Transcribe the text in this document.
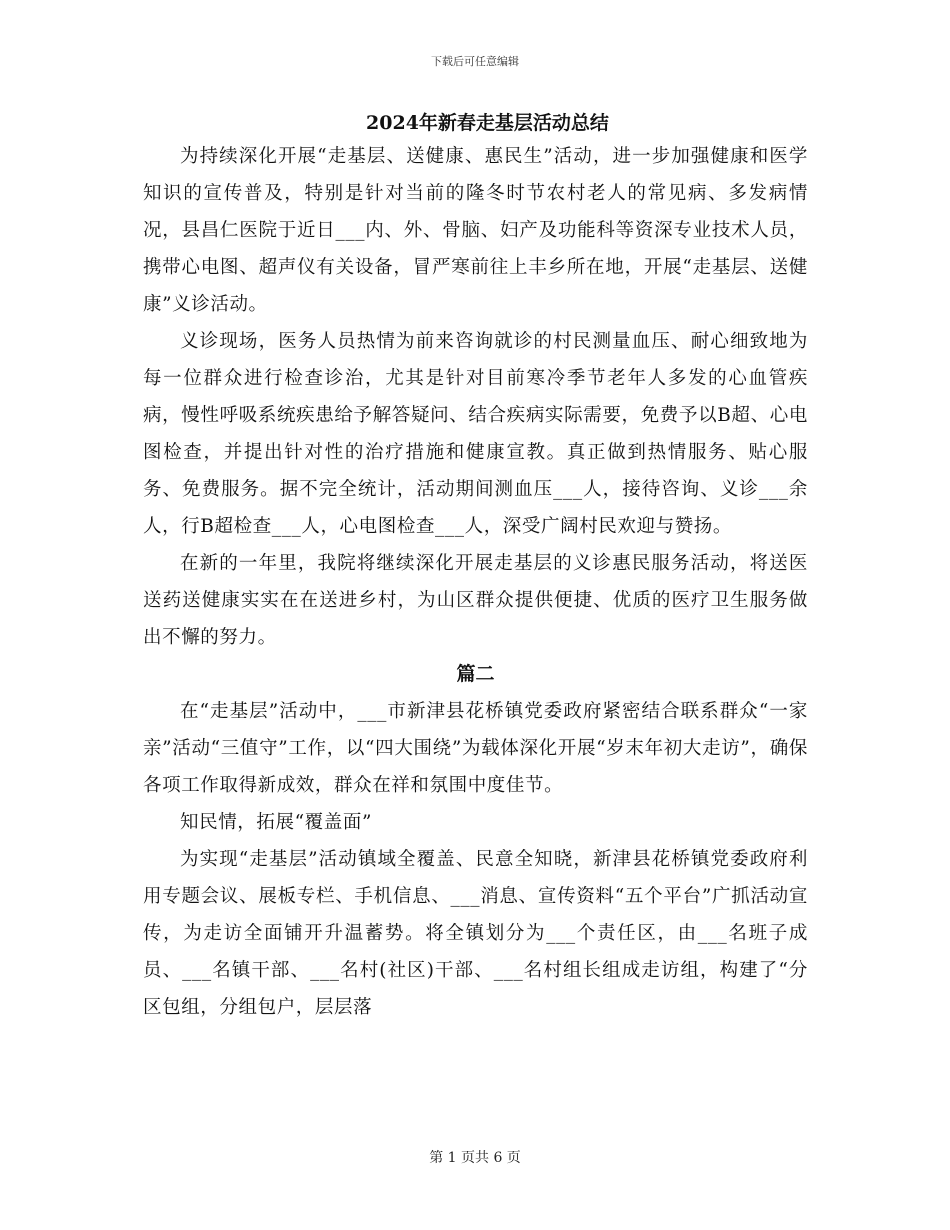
下载后可任意编辑
2024年新春走基层活动总结

为持续深化开展“走基层、送健康、惠民生”活动，进一步加强健康和医学知识的宣传普及，特别是针对当前的隆冬时节农村老人的常见病、多发病情况，县昌仁医院于近日___内、外、骨脑、妇产及功能科等资深专业技术人员，携带心电图、超声仪有关设备，冒严寒前往上丰乡所在地，开展“走基层、送健康”义诊活动。

义诊现场，医务人员热情为前来咨询就诊的村民测量血压、耐心细致地为每一位群众进行检查诊治，尤其是针对目前寒冷季节老年人多发的心血管疾病，慢性呼吸系统疾患给予解答疑问、结合疾病实际需要，免费予以B超、心电图检查，并提出针对性的治疗措施和健康宣教。真正做到热情服务、贴心服务、免费服务。据不完全统计，活动期间测血压___人，接待咨询、义诊___余人，行B超检查___人，心电图检查___人，深受广阔村民欢迎与赞扬。

在新的一年里，我院将继续深化开展走基层的义诊惠民服务活动，将送医送药送健康实实在在送进乡村，为山区群众提供便捷、优质的医疗卫生服务做出不懈的努力。

篇二

在“走基层”活动中，___市新津县花桥镇党委政府紧密结合联系群众“一家亲”活动“三值守”工作，以“四大围绕”为载体深化开展“岁末年初大走访”，确保各项工作取得新成效，群众在祥和氛围中度佳节。

知民情，拓展“覆盖面”

为实现“走基层”活动镇域全覆盖、民意全知晓，新津县花桥镇党委政府利用专题会议、展板专栏、手机信息、___消息、宣传资料“五个平台”广抓活动宣传，为走访全面铺开升温蓄势。将全镇划分为___个责任区，由___名班子成员、___名镇干部、___名村(社区)干部、___名村组长组成走访组，构建了“分区包组，分组包户，层层落

第 1 页共 6 页
